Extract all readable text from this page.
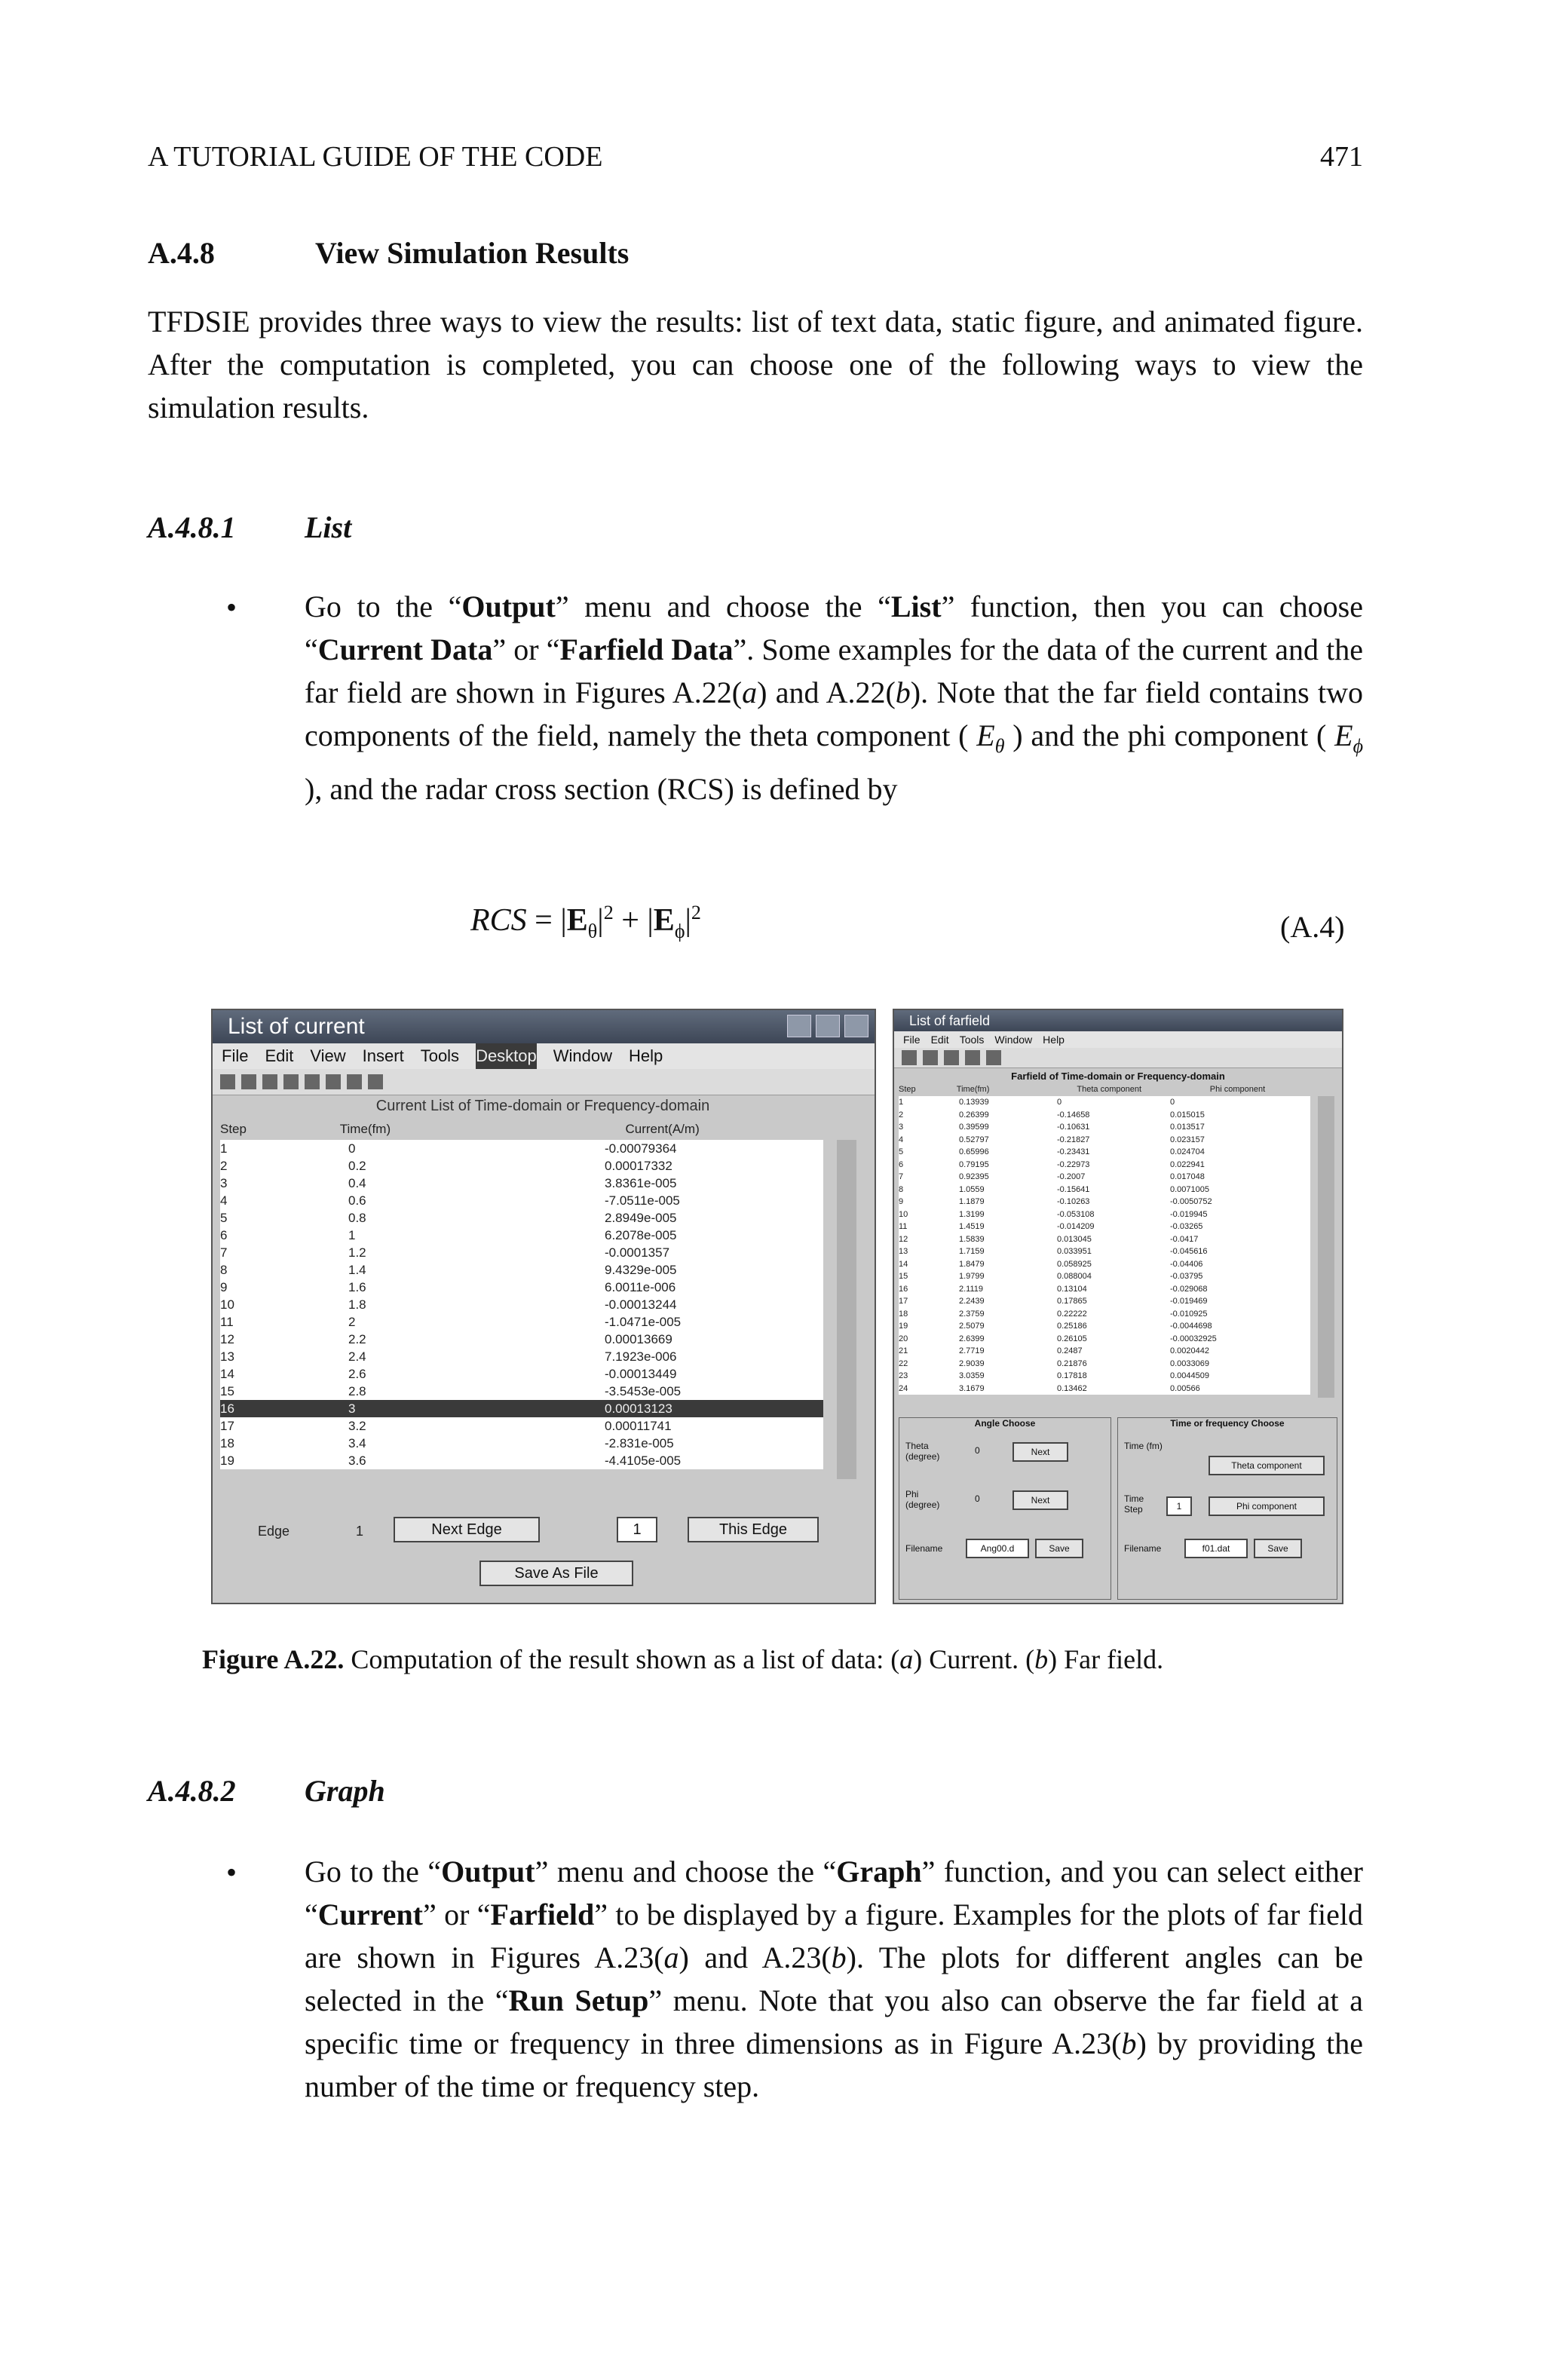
A TUTORIAL GUIDE OF THE CODE	471
A.4.8	View Simulation Results
TFDSIE provides three ways to view the results: list of text data, static figure, and animated figure. After the computation is completed, you can choose one of the following ways to view the simulation results.
A.4.8.1 List
• Go to the “Output” menu and choose the “List” function, then you can choose “Current Data” or “Farfield Data”. Some examples for the data of the current and the far field are shown in Figures A.22(a) and A.22(b). Note that the far field contains two components of the field, namely the theta component ( $E_\theta$ ) and the phi component ( $E_\phi$ ), and the radar cross section (RCS) is defined by
RCS = $|E_\theta|^2 + |E_\phi|^2$	(A.4)
List of current
File Edit View Insert Tools Desktop Window Help
Current List of Time-domain or Frequency-domain
Step	Time(fm)	Current(A/m)
1	0	-0.00079364
2	0.2	0.00017332
3	0.4	3.8361e-005
4	0.6	-7.0511e-005
5	0.8	2.8949e-005
6	1	6.2078e-005
7	1.2	-0.0001357
8	1.4	9.4329e-005
9	1.6	6.0011e-006
10	1.8	-0.00013244
11	2	-1.0471e-005
12	2.2	0.00013669
13	2.4	7.1923e-006
14	2.6	-0.00013449
15	2.8	-3.5453e-005
16	3	0.00013123
17	3.2	0.00011741
18	3.4	-2.831e-005
19	3.6	-4.4105e-005
Edge	1	Next Edge	1	This Edge
Save As File
List of farfield
File Edit Tools Window Help
Farfield of Time-domain or Frequency-domain
Step	Time(fm)	Theta component	Phi component
1	0.13939	0	0
2	0.26399	-0.14658	0.015015
3	0.39599	-0.10631	0.013517
4	0.52797	-0.21827	0.023157
5	0.65996	-0.23431	0.024704
6	0.79195	-0.22973	0.022941
7	0.92395	-0.2007	0.017048
8	1.0559	-0.15641	0.0071005
9	1.1879	-0.10263	-0.0050752
10	1.3199	-0.053108	-0.019945
11	1.4519	-0.014209	-0.03265
12	1.5839	0.013045	-0.0417
13	1.7159	0.033951	-0.045616
14	1.8479	0.058925	-0.04406
15	1.9799	0.088004	-0.03795
16	2.1119	0.13104	-0.029068
17	2.2439	0.17865	-0.019469
18	2.3759	0.22222	-0.010925
19	2.5079	0.25186	-0.0044698
20	2.6399	0.26105	-0.00032925
21	2.7719	0.2487	0.0020442
22	2.9039	0.21876	0.0033069
23	3.0359	0.17818	0.0044509
24	3.1679	0.13462	0.00566
Angle Choose
Theta (degree)
0	Next
Phi (degree)
0	Next
Filename	Ang00.d	Save
Time or frequency Choose
Time (fm)
Theta component
Time Step	1	Phi component
Filename	f01.dat	Save
Figure A.22. Computation of the result shown as a list of data: (a) Current. (b) Far field.
A.4.8.2 Graph
• Go to the “Output” menu and choose the “Graph” function, and you can select either “Current” or “Farfield” to be displayed by a figure. Examples for the plots of far field are shown in Figures A.23(a) and A.23(b). The plots for different angles can be selected in the “Run Setup” menu. Note that you also can observe the far field at a specific time or frequency in three dimensions as in Figure A.23(b) by providing the number of the time or frequency step.
